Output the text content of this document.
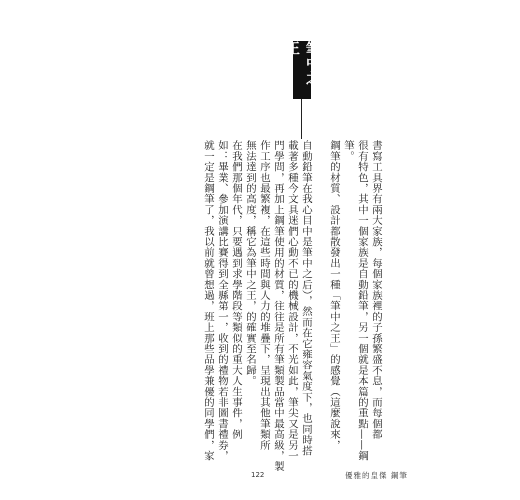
筆中之王

書寫工具界有兩大家族，每個家族裡的子孫繁盛不息，而每個都

很有特色，其中一個家族是自動鉛筆，另一個就是本篇的重點——鋼

筆。

鋼筆的材質、設計都散發出一種「筆中之王」的感覺（這麼說來，

自動鉛筆在我心目中是筆中之后），然而在它雍容氣度下，也同時搭

載著多種今文具迷們心動不已的機械設計，不光如此，筆尖又是另一

門學問，再加上鋼筆使用的材質，往往是所有筆類製品當中最高級，製

作工序也最繁複，在這些時間與人力的堆疊下，呈現出其他筆類所

無法達到的高度，稱它為筆中之王，的確實至名歸。

在我們那個年代，只要遇到求學階段等類似的重大人生事件，例

如：畢業、參加演講比賽得到全縣第一，收到的禮物若非圖書禮券，

就一定是鋼筆了，我以前就曾想過，班上那些品學兼優的同學們，家

122	優雅的皇傑 鋼筆
